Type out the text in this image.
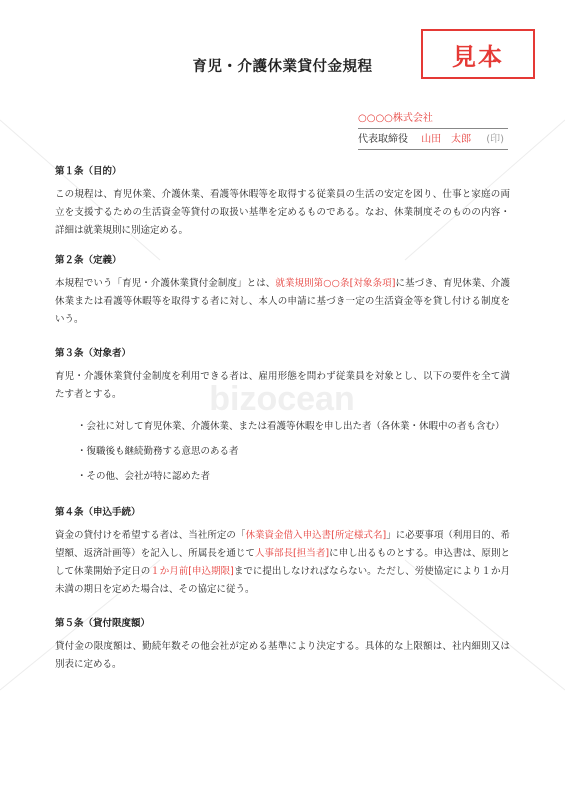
bizocean
見本
育児・介護休業貸付金規程
○○○○株式会社
代表取締役 山田　太郎 (印)

第１条（目的）

この規程は、育児休業、介護休業、看護等休暇等を取得する従業員の生活の安定を図り、仕事と家庭の両立を支援するための生活資金等貸付の取扱い基準を定めるものである。なお、休業制度そのものの内容・詳細は就業規則に別途定める。

第２条（定義）

本規程でいう「育児・介護休業貸付金制度」とは、就業規則第○○条[対象条項]に基づき、育児休業、介護休業または看護等休暇等を取得する者に対し、本人の申請に基づき一定の生活資金等を貸し付ける制度をいう。

第３条（対象者）

育児・介護休業貸付金制度を利用できる者は、雇用形態を問わず従業員を対象とし、以下の要件を全て満たす者とする。

・会社に対して育児休業、介護休業、または看護等休暇を申し出た者（各休業・休暇中の者も含む）

・復職後も継続勤務する意思のある者

・その他、会社が特に認めた者

第４条（申込手続）

資金の貸付けを希望する者は、当社所定の「休業資金借入申込書[所定様式名]」に必要事項（利用目的、希望額、返済計画等）を記入し、所属長を通じて人事部長[担当者]に申し出るものとする。申込書は、原則として休業開始予定日の１か月前[申込期限]までに提出しなければならない。ただし、労使協定により１か月未満の期日を定めた場合は、その協定に従う。

第５条（貸付限度額）

貸付金の限度額は、勤続年数その他会社が定める基準により決定する。具体的な上限額は、社内細則又は別表に定める。
